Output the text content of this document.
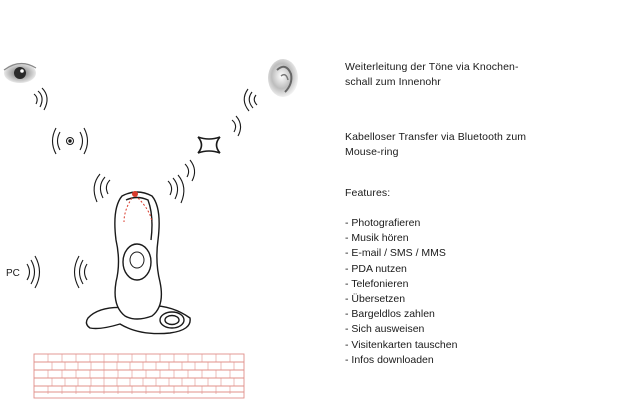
PC

Weiterleitung der Töne via Knochen-
schall zum Innenohr

Kabelloser Transfer via Bluetooth zum
Mouse-ring

Features:

- Photografieren
- Musik hören
- E-mail / SMS / MMS
- PDA nutzen
- Telefonieren
- Übersetzen
- Bargeldlos zahlen
- Sich ausweisen
- Visitenkarten tauschen
- Infos downloaden
